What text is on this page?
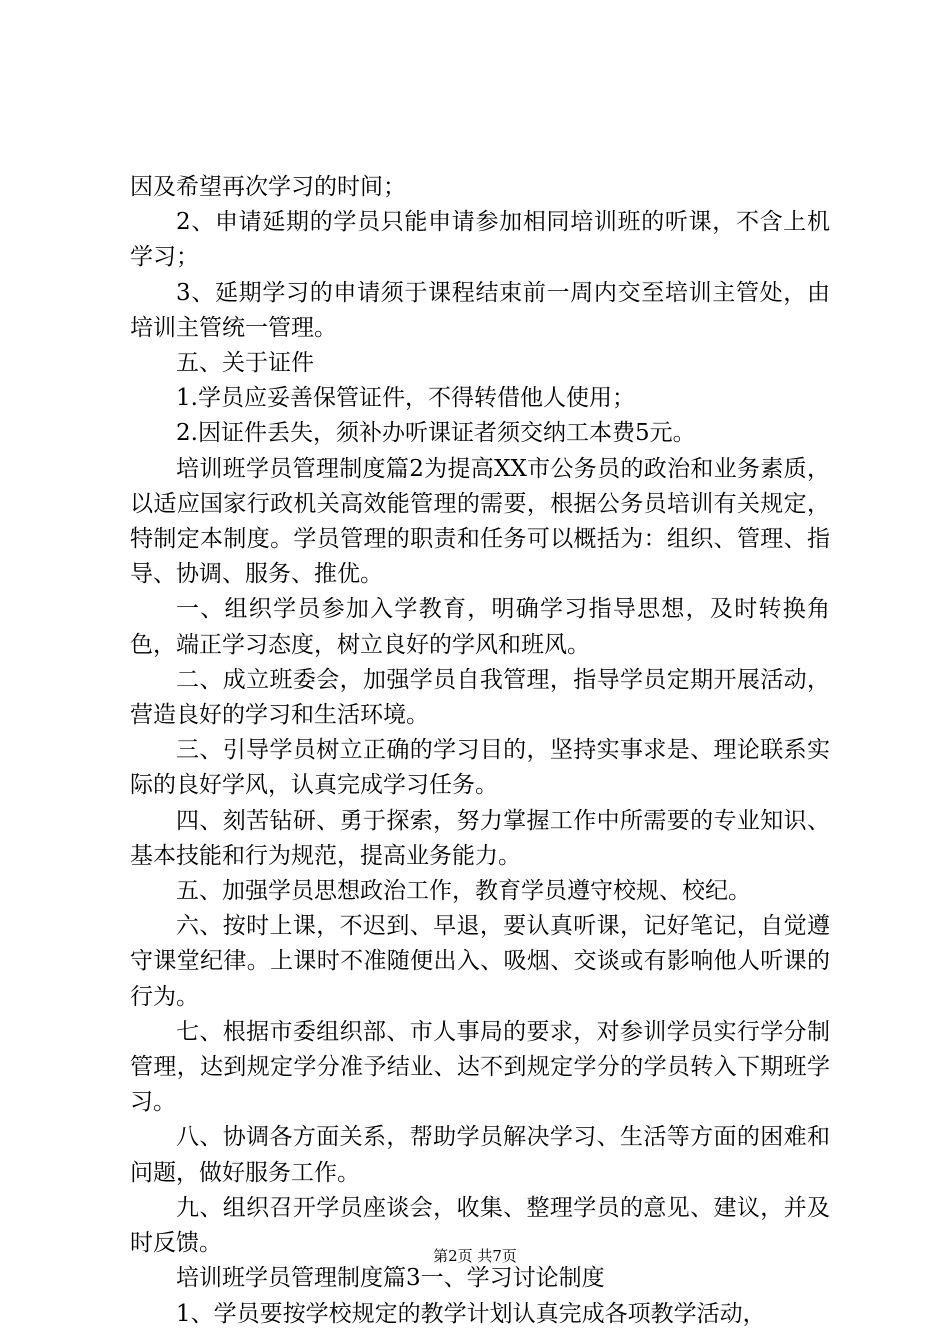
因及希望再次学习的时间；

2、申请延期的学员只能申请参加相同培训班的听课，不含上机学习；

3、延期学习的申请须于课程结束前一周内交至培训主管处，由培训主管统一管理。

五、关于证件

1.学员应妥善保管证件，不得转借他人使用；

2.因证件丢失，须补办听课证者须交纳工本费5元。

培训班学员管理制度篇2为提高XX市公务员的政治和业务素质，以适应国家行政机关高效能管理的需要，根据公务员培训有关规定，特制定本制度。学员管理的职责和任务可以概括为：组织、管理、指导、协调、服务、推优。

一、组织学员参加入学教育，明确学习指导思想，及时转换角色，端正学习态度，树立良好的学风和班风。

二、成立班委会，加强学员自我管理，指导学员定期开展活动，营造良好的学习和生活环境。

三、引导学员树立正确的学习目的，坚持实事求是、理论联系实际的良好学风，认真完成学习任务。

四、刻苦钻研、勇于探索，努力掌握工作中所需要的专业知识、基本技能和行为规范，提高业务能力。

五、加强学员思想政治工作，教育学员遵守校规、校纪。

六、按时上课，不迟到、早退，要认真听课，记好笔记，自觉遵守课堂纪律。上课时不准随便出入、吸烟、交谈或有影响他人听课的行为。

七、根据市委组织部、市人事局的要求，对参训学员实行学分制管理，达到规定学分准予结业、达不到规定学分的学员转入下期班学习。

八、协调各方面关系，帮助学员解决学习、生活等方面的困难和问题，做好服务工作。

九、组织召开学员座谈会，收集、整理学员的意见、建议，并及时反馈。

培训班学员管理制度篇3一、学习讨论制度

1、学员要按学校规定的教学计划认真完成各项教学活动，

第2页 共7页
